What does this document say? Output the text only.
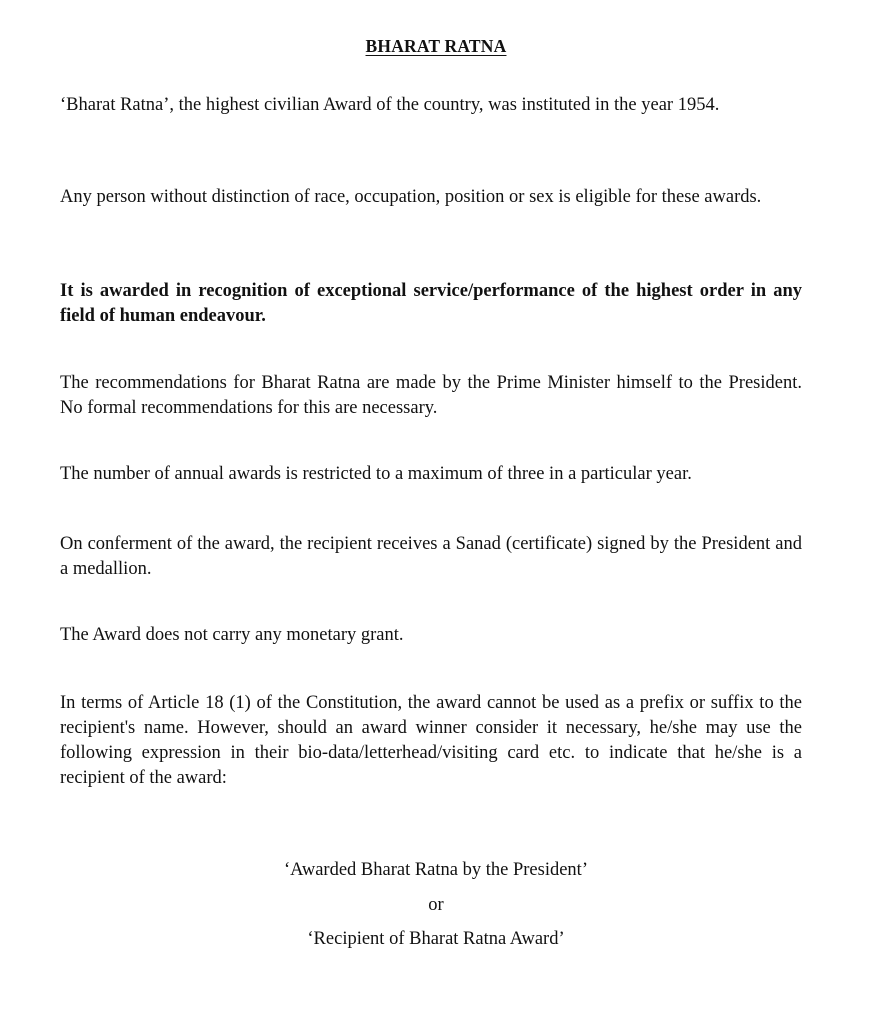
BHARAT RATNA

‘Bharat Ratna’, the highest civilian Award of the country, was instituted in the year 1954.

Any person without distinction of race, occupation, position or sex is eligible for these awards.

It is awarded in recognition of exceptional service/performance of the highest order in any field of human endeavour.

The recommendations for Bharat Ratna are made by the Prime Minister himself to the President. No formal recommendations for this are necessary.

The number of annual awards is restricted to a maximum of three in a particular year.

On conferment of the award, the recipient receives a Sanad (certificate) signed by the President and a medallion.

The Award does not carry any monetary grant.

In terms of Article 18 (1) of the Constitution, the award cannot be used as a prefix or suffix to the recipient's name. However, should an award winner consider it necessary, he/she may use the following expression in their bio-data/letterhead/visiting card etc. to indicate that he/she is a recipient of the award:

‘Awarded Bharat Ratna by the President’
or
‘Recipient of Bharat Ratna Award’
